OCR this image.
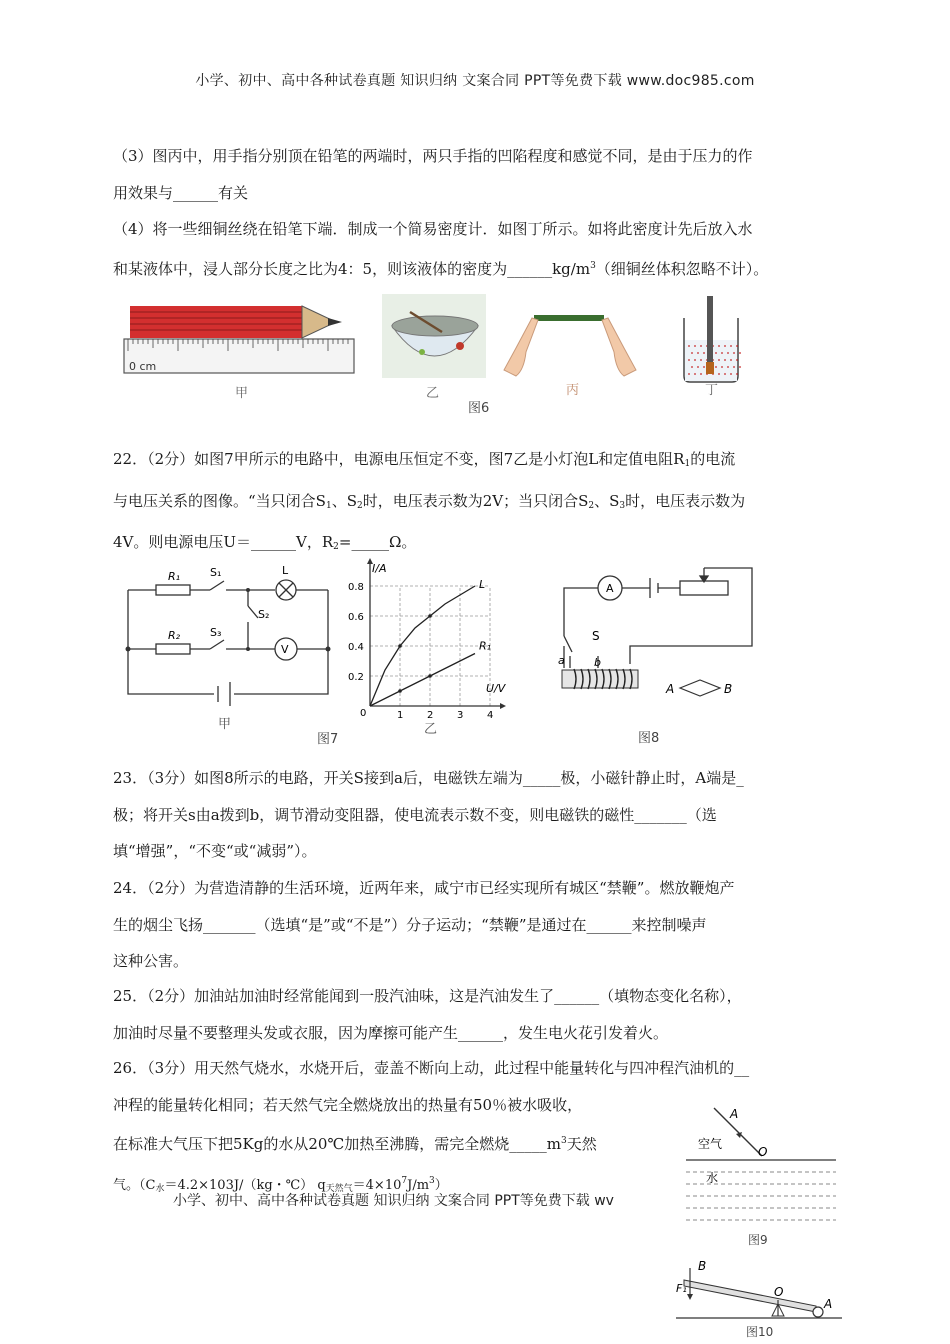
小学、初中、高中各种试卷真题 知识归纳 文案合同 PPT等免费下载 www.doc985.com
（3）图丙中，用手指分别顶在铅笔的两端时，两只手指的凹陷程度和感觉不同，是由于压力的作
用效果与______有关
（4）将一些细铜丝绕在铅笔下端．制成一个简易密度计．如图丁所示。如将此密度计先后放入水
和某液体中，浸人部分长度之比为4：5，则该液体的密度为$\_\_\_\_\_\_kg/m^3$（细铜丝体积忽略不计）。
0 cm
甲	乙	丙	丁
图6
22．（2分）如图7甲所示的电路中，电源电压恒定不变，图7乙是小灯泡L和定值电阻$R_1$的电流
与电压关系的图像。“当只闭合$S_1$、$S_2$时，电压表示数为2V；当只闭合$S_2$、$S_3$时，电压表示数为
4V。则电源电压U＝______V，$R_2=\_\_\_\_\_\Omega$。
R₁
R₂
S₁
S₂
S₃
L
V
甲
1 2 3 4
0.2
0.4
0.6
0.8	L
R₁
I/A
U/V
0
乙
图7
A
S
a	b
A	B
图8
23．（3分）如图8所示的电路，开关S接到a后，电磁铁左端为_____极，小磁针静止时，A端是_
极；将开关s由a拨到b，调节滑动变阻器，使电流表示数不变，则电磁铁的磁性_______（选
填“增强”，“不变“或“减弱”）。
24．（2分）为营造清静的生活环境，近两年来，咸宁市已经实现所有城区“禁鞭”。燃放鞭炮产
生的烟尘飞扬_______（选填“是”或“不是”）分子运动；“禁鞭”是通过在______来控制噪声
这种公害。
25．（2分）加油站加油时经常能闻到一股汽油味，这是汽油发生了______（填物态变化名称），
加油时尽量不要整理头发或衣服，因为摩擦可能产生______，发生电火花引发着火。
26．（3分）用天然气烧水，水烧开后，壶盖不断向上动，此过程中能量转化与四冲程汽油机的__
冲程的能量转化相同；若天然气完全燃烧放出的热量有50％被水吸收，
在标准大气压下把5Kg的水从20℃加热至沸腾，需完全燃烧$\_\_\_\_\_m^3$天然
气。（$C_水=4.2\times 103J/(kg$・℃） $q_{天然气}=4\times 10^7J/m^3$）
小学、初中、高中各种试卷真题 知识归纳 文案合同 PPT等免费下载 wv
A
空气
O
水
图9
B
F₁	O
A
图10
